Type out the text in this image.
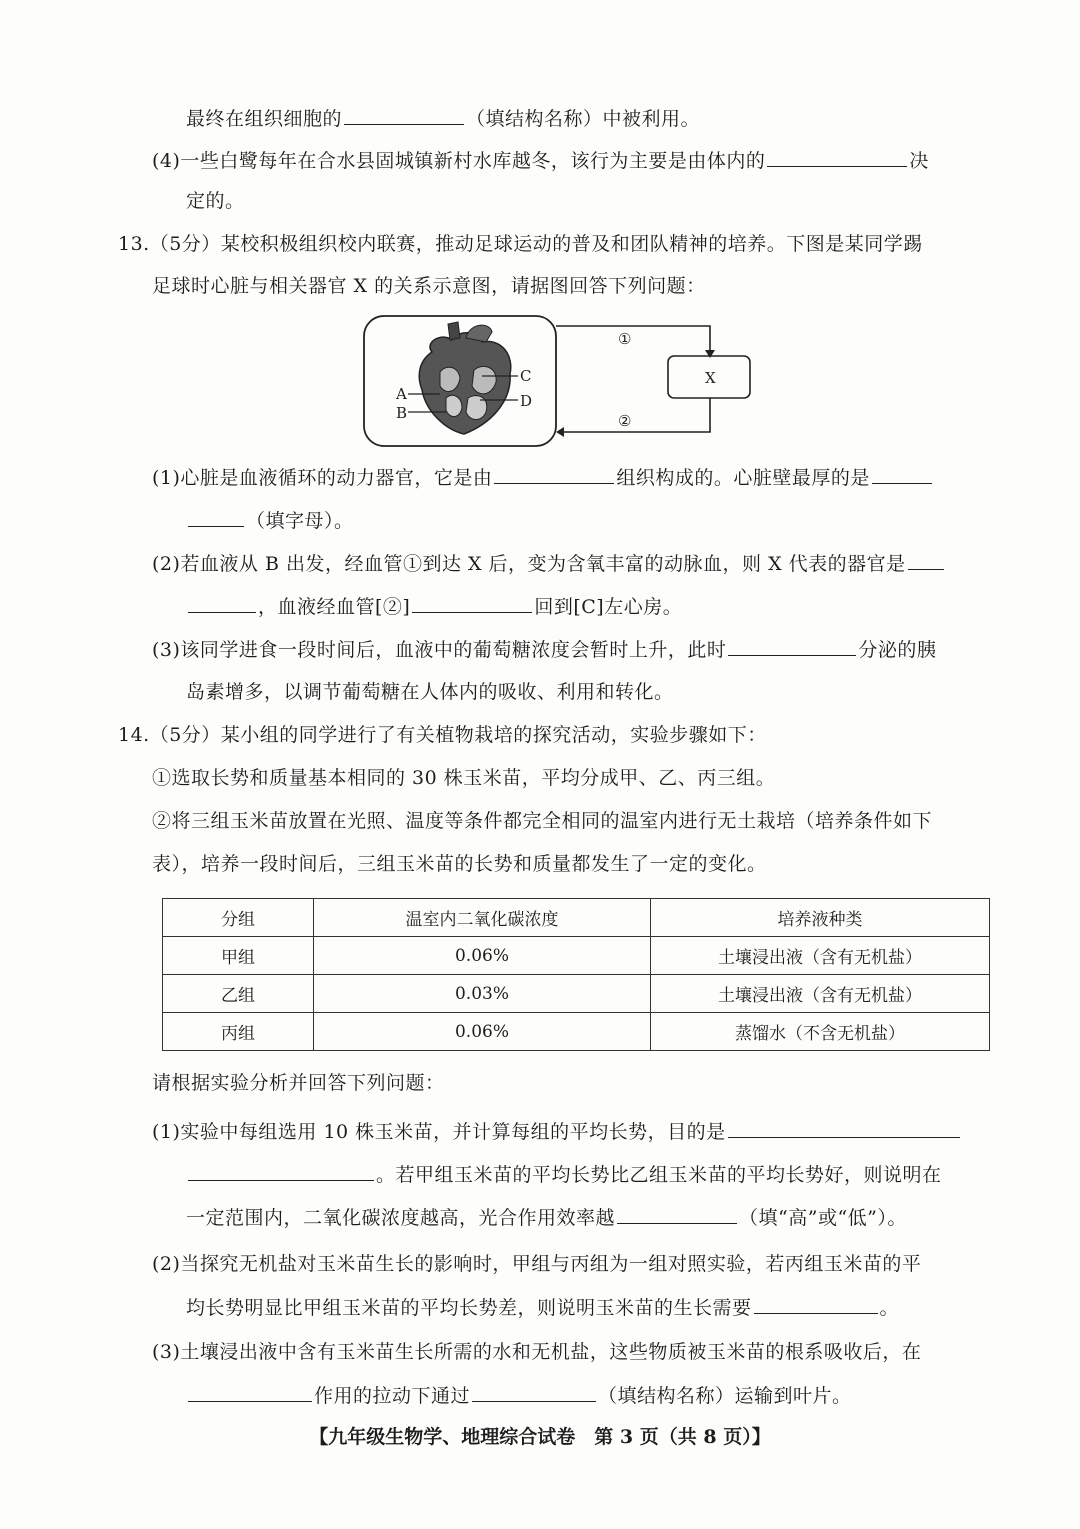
最终在组织细胞的	（填结构名称）中被利用。
(4)一些白鹭每年在合水县固城镇新村水库越冬，该行为主要是由体内的	决
定的。
13.（5分）某校积极组织校内联赛，推动足球运动的普及和团队精神的培养。下图是某同学踢
足球时心脏与相关器官 X 的关系示意图，请据图回答下列问题：
A
B
C
D
X
①
②
(1)心脏是血液循环的动力器官，它是由	组织构成的。心脏壁最厚的是
（填字母）。
(2)若血液从 B 出发，经血管①到达 X 后，变为含氧丰富的动脉血，则 X 代表的器官是
，血液经血管[②]	回到[C]左心房。
(3)该同学进食一段时间后，血液中的葡萄糖浓度会暂时上升，此时	分泌的胰
岛素增多，以调节葡萄糖在人体内的吸收、利用和转化。
14.（5分）某小组的同学进行了有关植物栽培的探究活动，实验步骤如下：
①选取长势和质量基本相同的 30 株玉米苗，平均分成甲、乙、丙三组。
②将三组玉米苗放置在光照、温度等条件都完全相同的温室内进行无土栽培（培养条件如下
表），培养一段时间后，三组玉米苗的长势和质量都发生了一定的变化。
分组	温室内二氧化碳浓度	培养液种类
甲组	0.06%	土壤浸出液（含有无机盐）
乙组	0.03%	土壤浸出液（含有无机盐）
丙组	0.06%	蒸馏水（不含无机盐）
请根据实验分析并回答下列问题：
(1)实验中每组选用 10 株玉米苗，并计算每组的平均长势，目的是
。若甲组玉米苗的平均长势比乙组玉米苗的平均长势好，则说明在
一定范围内，二氧化碳浓度越高，光合作用效率越	（填“高”或“低”）。
(2)当探究无机盐对玉米苗生长的影响时，甲组与丙组为一组对照实验，若丙组玉米苗的平
均长势明显比甲组玉米苗的平均长势差，则说明玉米苗的生长需要	。
(3)土壤浸出液中含有玉米苗生长所需的水和无机盐，这些物质被玉米苗的根系吸收后，在
作用的拉动下通过	（填结构名称）运输到叶片。
【九年级生物学、地理综合试卷　第 3 页（共 8 页）】
